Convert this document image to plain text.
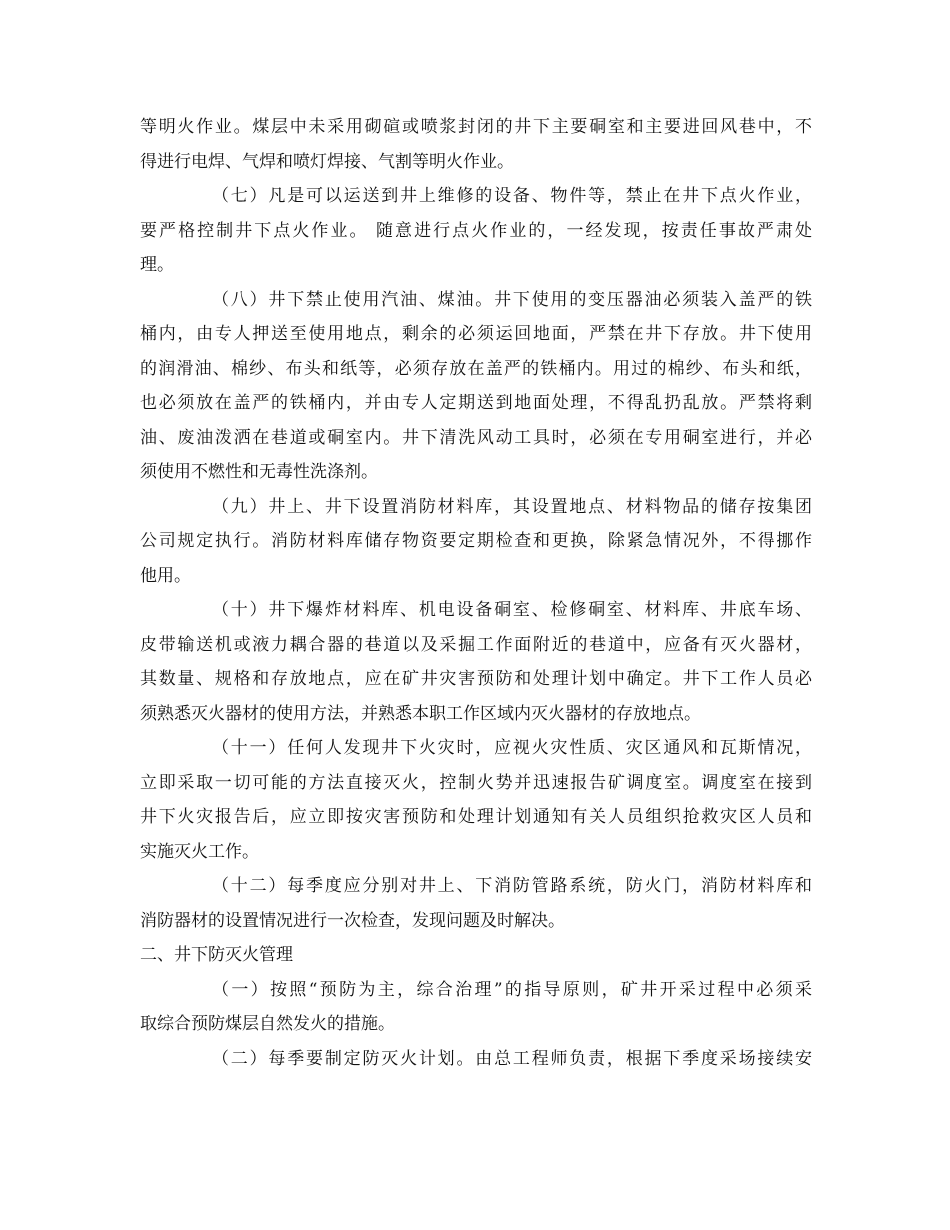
等明火作业。煤层中未采用砌碹或喷浆封闭的井下主要硐室和主要进回风巷中，不
得进行电焊、气焊和喷灯焊接、气割等明火作业。
（七）凡是可以运送到井上维修的设备、物件等，禁止在井下点火作业，
要严格控制井下点火作业。 随意进行点火作业的，一经发现，按责任事故严肃处
理。
（八）井下禁止使用汽油、煤油。井下使用的变压器油必须装入盖严的铁
桶内，由专人押送至使用地点，剩余的必须运回地面，严禁在井下存放。井下使用
的润滑油、棉纱、布头和纸等，必须存放在盖严的铁桶内。用过的棉纱、布头和纸，
也必须放在盖严的铁桶内，并由专人定期送到地面处理，不得乱扔乱放。严禁将剩
油、废油泼洒在巷道或硐室内。井下清洗风动工具时，必须在专用硐室进行，并必
须使用不燃性和无毒性洗涤剂。
（九）井上、井下设置消防材料库，其设置地点、材料物品的储存按集团
公司规定执行。消防材料库储存物资要定期检查和更换，除紧急情况外，不得挪作
他用。
（十）井下爆炸材料库、机电设备硐室、检修硐室、材料库、井底车场、
皮带输送机或液力耦合器的巷道以及采掘工作面附近的巷道中，应备有灭火器材，
其数量、规格和存放地点，应在矿井灾害预防和处理计划中确定。井下工作人员必
须熟悉灭火器材的使用方法，并熟悉本职工作区域内灭火器材的存放地点。
（十一）任何人发现井下火灾时，应视火灾性质、灾区通风和瓦斯情况，
立即采取一切可能的方法直接灭火，控制火势并迅速报告矿调度室。调度室在接到
井下火灾报告后，应立即按灾害预防和处理计划通知有关人员组织抢救灾区人员和
实施灭火工作。
（十二）每季度应分别对井上、下消防管路系统，防火门，消防材料库和
消防器材的设置情况进行一次检查，发现问题及时解决。
二、井下防灭火管理
（一）按照“预防为主，综合治理”的指导原则，矿井开采过程中必须采
取综合预防煤层自然发火的措施。
（二）每季要制定防灭火计划。由总工程师负责，根据下季度采场接续安
